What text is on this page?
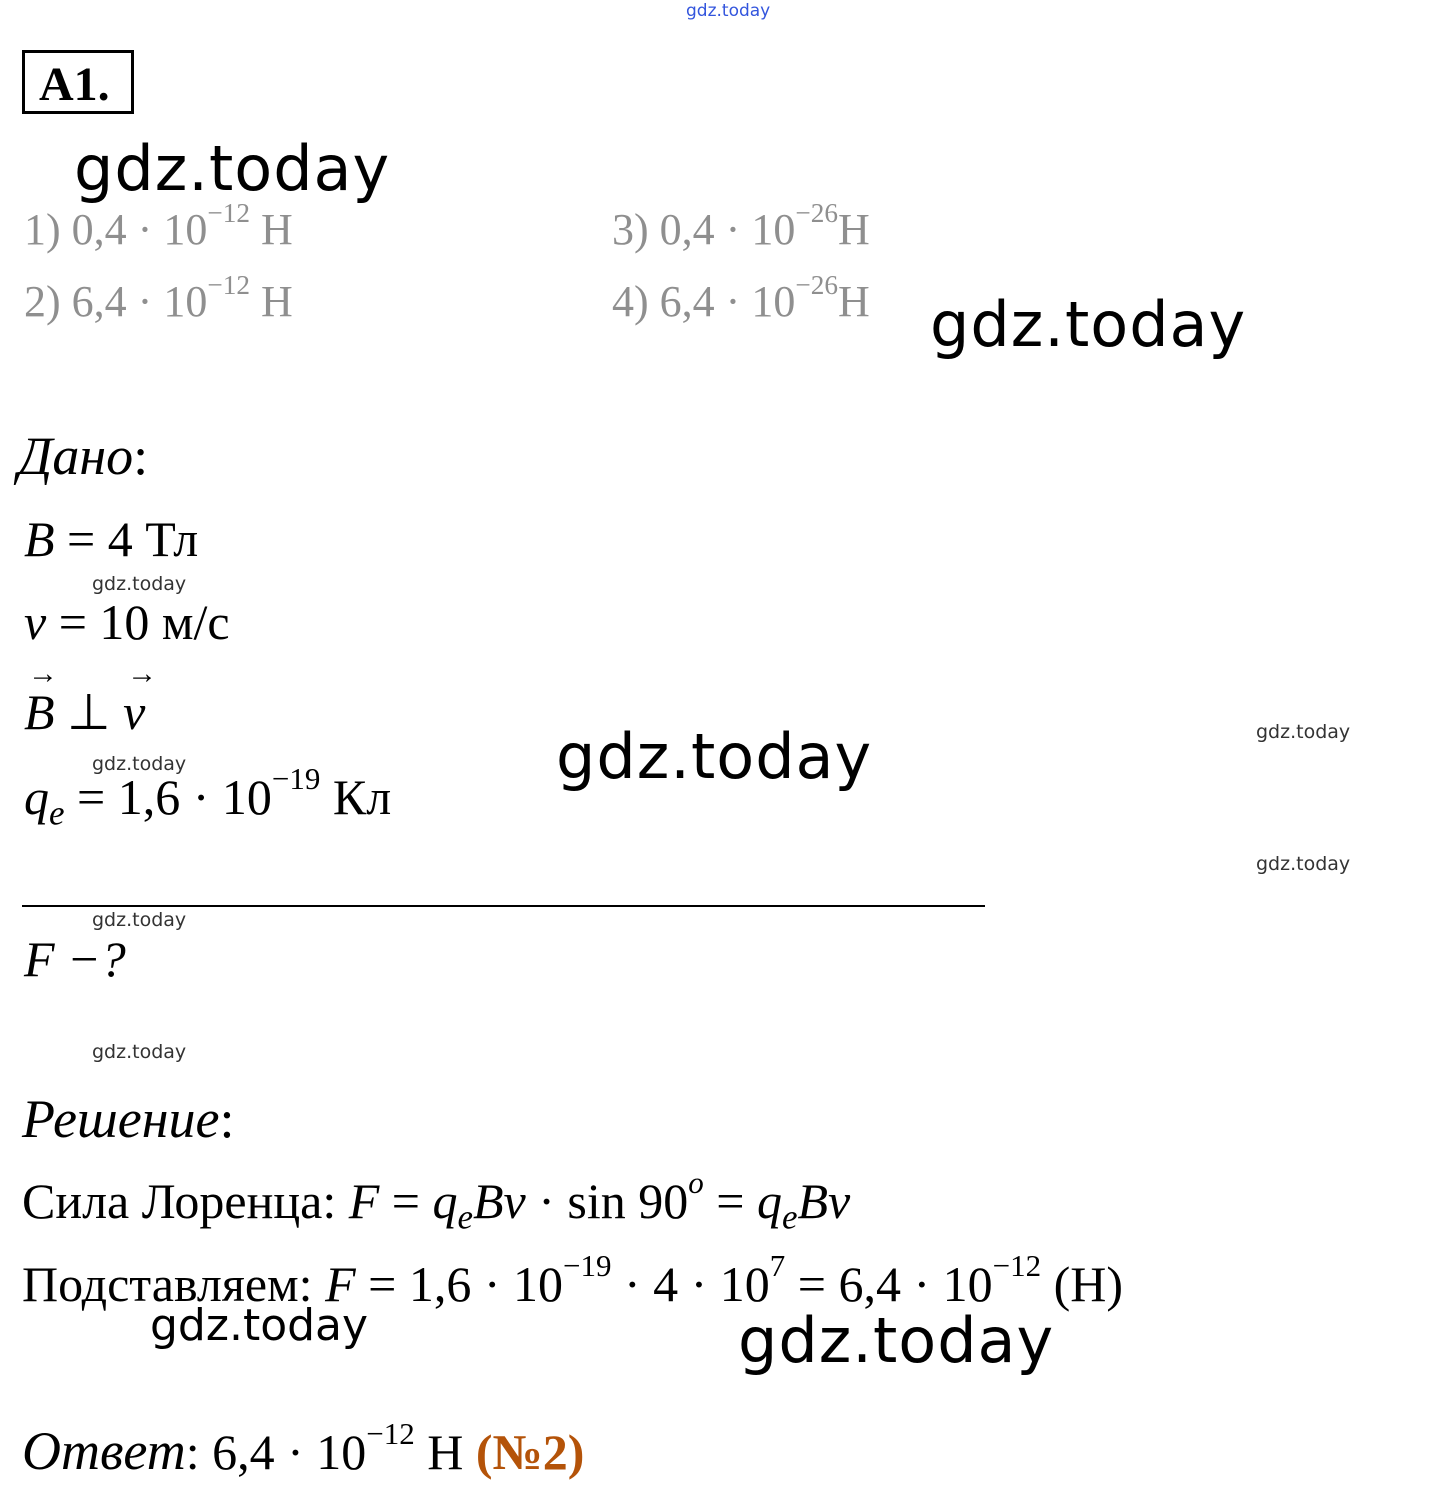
gdz.today
gdz.today
gdz.today
gdz.today
gdz.today	gdz.today
gdz.today
gdz.today
gdz.today
gdz.today
gdz.today	gdz.today
A1.
1) $0,4 \cdot 10^{-12}$ Н
2) $6,4 \cdot 10^{-12}$ Н
3) $0,4 \cdot 10^{-26}Н$
4) $6,4 \cdot 10^{-26}Н$
Дано:
B = 4 Тл
v = 10 м/с
→ B ⊥ → v
$q_e = 1,6 \cdot 10^{-19}$ Кл
F −?
Решение:
Сила Лоренца: $F = q_eBv \cdot \sin 90^o = q_eBv$
Подставляем: $F = 1,6 \cdot 10^{-19} \cdot 4 \cdot 10^7 = 6,4 \cdot 10^{-12}$ (Н)
Ответ: $6,4 \cdot 10^{-12}$ Н (№2)
